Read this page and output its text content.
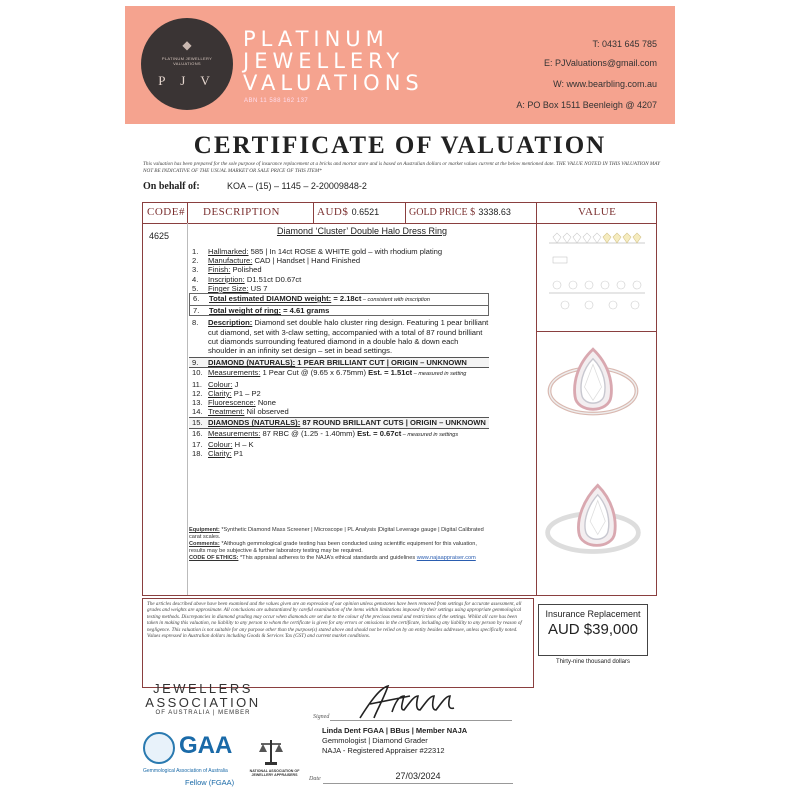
◆
PLATINUM JEWELLERY VALUATIONS
P J V
PLATINUM
JEWELLERY
VALUATIONS
ABN 11 588 162 137
T: 0431 645 785
E: PJValuations@gmail.com
W: www.bearbling.com.au
A: PO Box 1511 Beenleigh @ 4207
CERTIFICATE OF VALUATION
This valuation has been prepared for the sole purpose of insurance replacement at a bricks and mortar store and is based on Australian dollars or market values current at the below mentioned date. THE VALUE NOTED IN THIS VALUATION MAY NOT BE INDICATIVE OF THE USUAL MARKET OR SALE PRICE OF THIS ITEM*
On behalf of:	KOA – (15) – 1145 – 2-20009848-2
CODE# DESCRIPTION	AUD$ 0.6521	GOLD PRICE $ 3338.63	VALUE
4625	Diamond ‘Cluster’ Double Halo Dress Ring
1. Hallmarked: 585 | In 14ct ROSE & WHITE gold – with rhodium plating
2. Manufacture: CAD | Handset | Hand Finished
3. Finish: Polished
4. Inscription: D1.51ct D0.67ct
5. Finger Size: US 7
6. Total estimated DIAMOND weight: = 2.18ct – consistent with inscription
7. Total weight of ring: = 4.61 grams
8. Description: Diamond set double halo cluster ring design. Featuring 1 pear brilliant cut diamond, set with 3-claw setting, accompanied with a total of 87 round brilliant cut diamonds surrounding featured diamond in a double halo & down each shoulder in an infinity set design – set in bead settings.
9. DIAMOND (NATURALS): 1 PEAR BRILLIANT CUT | ORIGIN – UNKNOWN
10. Measurements: 1 Pear Cut @ (9.65 x 6.75mm) Est. = 1.51ct – measured in setting
11. Colour: J
12. Clarity: P1 – P2
13. Fluorescence: None
14. Treatment: Nil observed
15. DIAMONDS (NATURALS): 87 ROUND BRILLANT CUTS | ORIGIN – UNKNOWN
16. Measurements: 87 RBC @ (1.25 - 1.40mm) Est. = 0.67ct – measured in settings
17. Colour: H – K
18. Clarity: P1
Equipment: *Synthetic Diamond Mass Screener | Microscope | PL Analysis |Digital Leverage gauge | Digital Calibrated carat scales.
Comments: *Although gemmological grade testing has been conducted using scientific equipment for this valuation, results may be subjective & further laboratory testing may be required.
CODE OF ETHICS: *This appraisal adheres to the NAJA’s ethical standards and guidelines www.najaappraiser.com
The articles described above have been examined and the values given are an expression of our opinion unless gemstones have been removed from settings for accurate assessment, all grades and weights are approximate. All conclusions are substantiated by careful examination of the items within limitations imposed by their settings using appropriate gemmological testing methods. Discrepancies in diamond grading may occur when diamonds are set due to the colour of the precious metal and restrictions of the settings. Whilst all care has been taken in making this valuation, no liability to any person to whom the certificate is given for any errors or omissions in the certificate, including any liability to any person by reason of negligence. This valuation is not suitable for any purpose other than the purpose(s) stated above and should not be relied on by an entity besides addressee, unless specifically noted. Values expressed in Australian dollars including Goods & Services Tax (GST) and current market conditions.
Insurance Replacement
AUD $39,000
Thirty-nine thousand dollars
JEWELLERS
ASSOCIATION
OF AUSTRALIA | MEMBER
GAA
Gemmological Association of Australia
Fellow (FGAA)
NATIONAL ASSOCIATION OF JEWELLERY APPRAISERS
Signed
Linda Dent FGAA | BBus | Member NAJA
Gemmologist | Diamond Grader
NAJA - Registered Appraiser #22312
Date	27/03/2024
